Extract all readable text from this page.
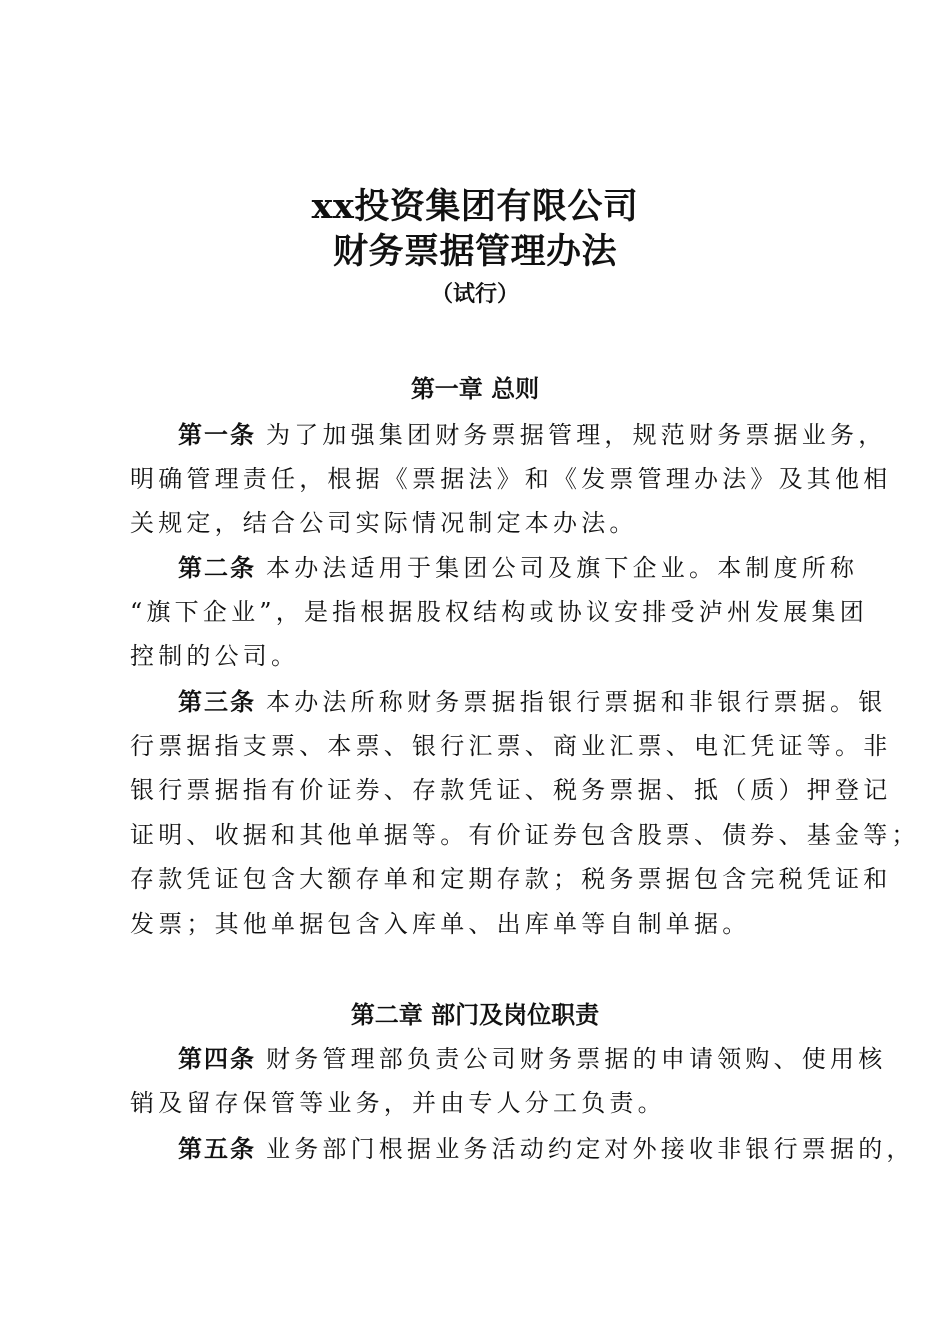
xx投资集团有限公司
财务票据管理办法
（试行）
第一章 总则
第一条 为了加强集团财务票据管理，规范财务票据业务，
明确管理责任，根据《票据法》和《发票管理办法》及其他相
关规定，结合公司实际情况制定本办法。
第二条 本办法适用于集团公司及旗下企业。本制度所称
“旗下企业”，是指根据股权结构或协议安排受泸州发展集团
控制的公司。
第三条 本办法所称财务票据指银行票据和非银行票据。银
行票据指支票、本票、银行汇票、商业汇票、电汇凭证等。非
银行票据指有价证券、存款凭证、税务票据、抵（质）押登记
证明、收据和其他单据等。有价证券包含股票、债券、基金等；
存款凭证包含大额存单和定期存款；税务票据包含完税凭证和
发票；其他单据包含入库单、出库单等自制单据。
第二章 部门及岗位职责
第四条 财务管理部负责公司财务票据的申请领购、使用核
销及留存保管等业务，并由专人分工负责。
第五条 业务部门根据业务活动约定对外接收非银行票据的，
